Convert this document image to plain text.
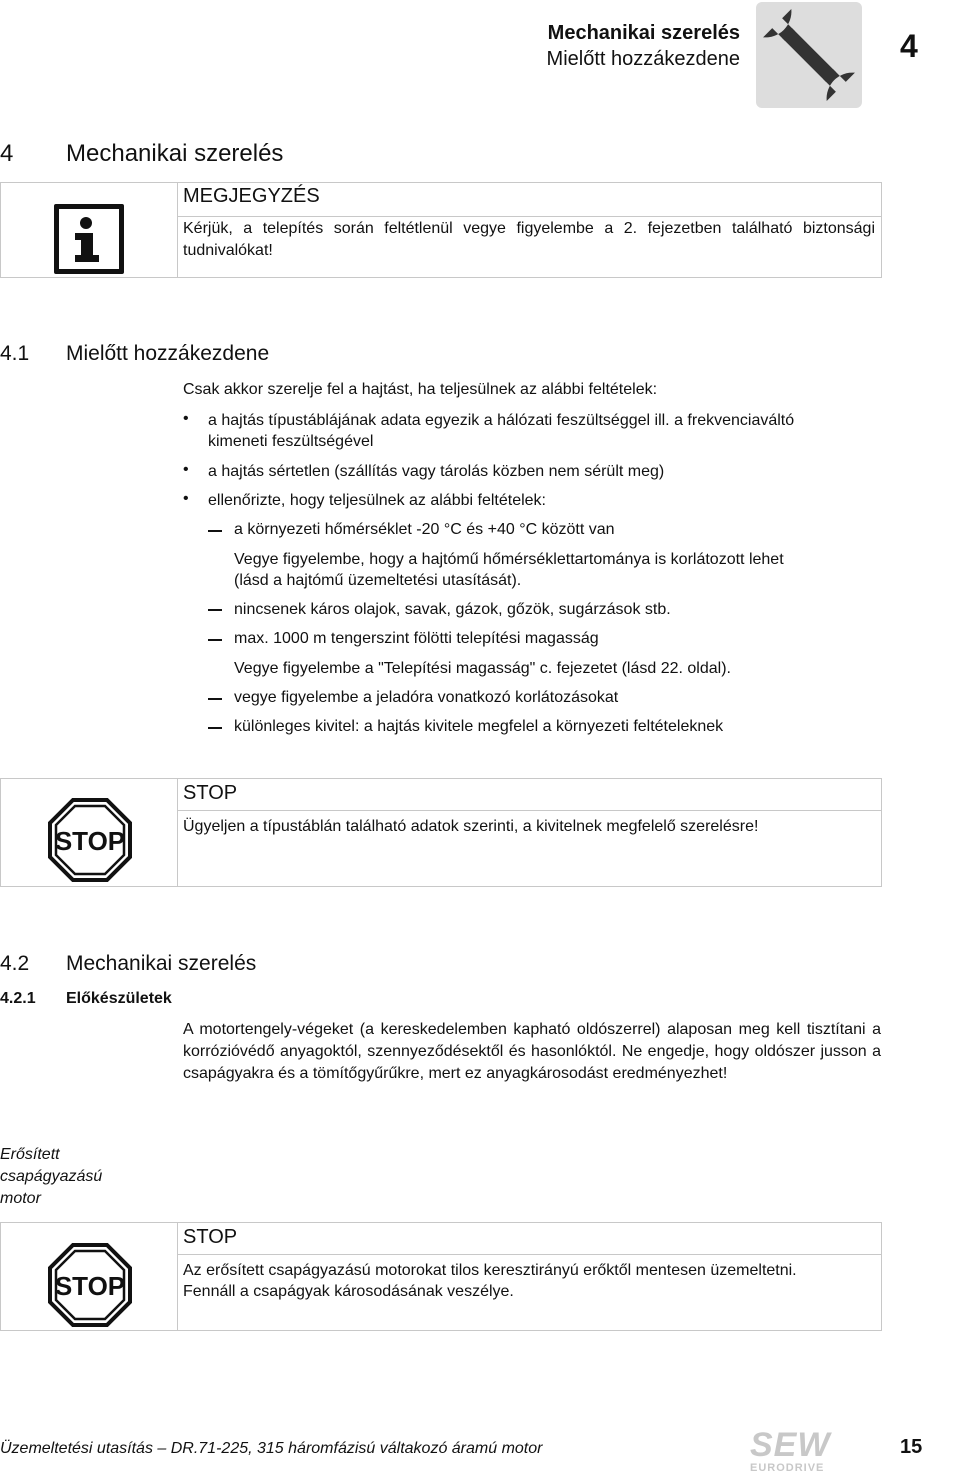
Mechanikai szerelés
Mielőtt hozzákezdene	4
4 Mechanikai szerelés
MEGJEGYZÉS
Kérjük, a telepítés során feltétlenül vegye figyelembe a 2. fejezetben található biztonsági tudnivalókat!
4.1 Mielőtt hozzákezdene
Csak akkor szerelje fel a hajtást, ha teljesülnek az alábbi feltételek:
• a hajtás típustáblájának adata egyezik a hálózati feszültséggel ill. a frekvenciaváltó
kimeneti feszültségével
• a hajtás sértetlen (szállítás vagy tárolás közben nem sérült meg)
• ellenőrizte, hogy teljesülnek az alábbi feltételek:
a környezeti hőmérséklet -20 °C és +40 °C között van
Vegye figyelembe, hogy a hajtómű hőmérséklettartománya is korlátozott lehet
(lásd a hajtómű üzemeltetési utasítását).
nincsenek káros olajok, savak, gázok, gőzök, sugárzások stb.
max. 1000 m tengerszint fölötti telepítési magasság
Vegye figyelembe a "Telepítési magasság" c. fejezetet (lásd 22. oldal).
vegye figyelembe a jeladóra vonatkozó korlátozásokat
különleges kivitel: a hajtás kivitele megfelel a környezeti feltételeknek
STOP
STOP
Ügyeljen a típustáblán található adatok szerinti, a kivitelnek megfelelő szerelésre!
4.2 Mechanikai szerelés
4.2.1 Előkészületek
A motortengely-végeket (a kereskedelemben kapható oldószerrel) alaposan meg kell tisztítani a korrózióvédő anyagoktól, szennyeződésektől és hasonlóktól. Ne engedje, hogy oldószer jusson a csapágyakra és a tömítőgyűrűkre, mert ez anyagkárosodást eredményezhet!
Erősített
csapágyazású
motor
STOP
STOP
Az erősített csapágyazású motorokat tilos keresztirányú erőktől mentesen üzemeltetni.
Fennáll a csapágyak károsodásának veszélye.
Üzemeltetési utasítás – DR.71-225, 315 háromfázisú váltakozó áramú motor	SEW
EURODRIVE
15
